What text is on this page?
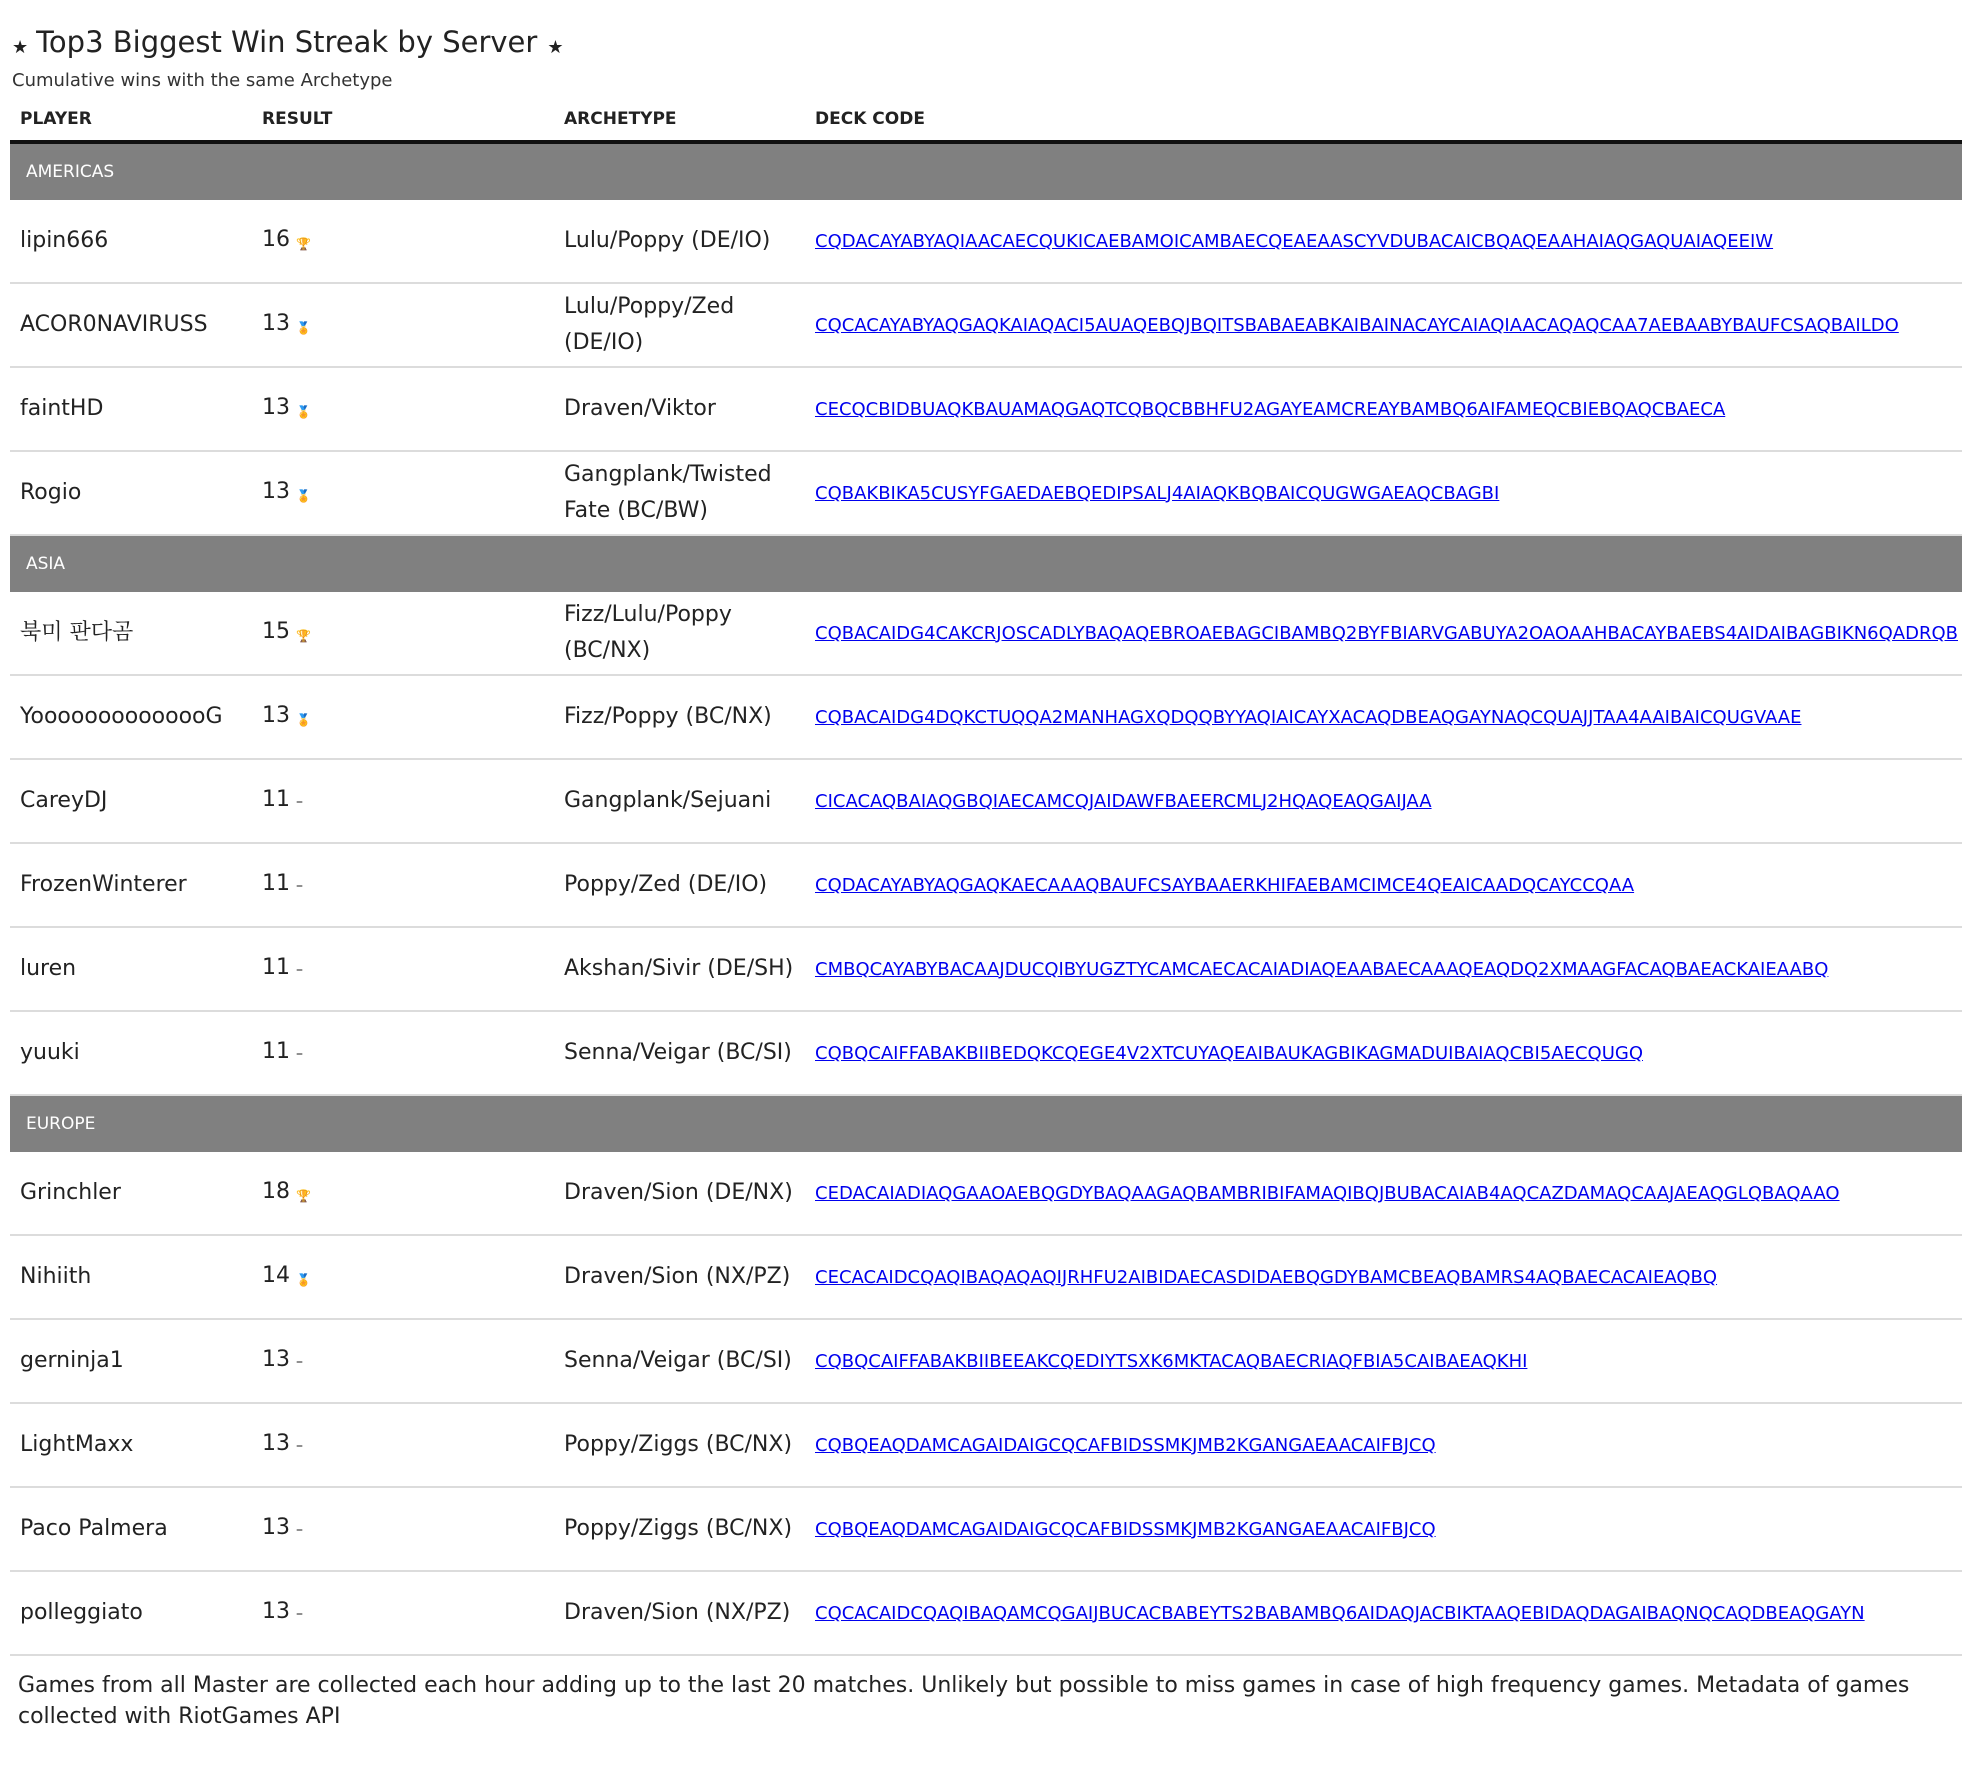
★ Top3 Biggest Win Streak by Server ★
Cumulative wins with the same Archetype
PLAYER	RESULT	ARCHETYPE	DECK CODE
AMERICAS			
lipin666	16 🏆	Lulu/Poppy (DE/IO)	CQDACAYABYAQIAACAECQUKICAEBAMOICAMBAECQEAEAASCYVDUBACAICBQAQEAAHAIAQGAQUAIAQEEIW
ACOR0NAVIRUSS	13 🏅	Lulu/Poppy/Zed (DE/IO)	CQCACAYABYAQGAQKAIAQACI5AUAQEBQJBQITSBABAEABKAIBAINACAYCAIAQIAACAQAQCAA7AEBAABYBAUFCSAQBAILDO
faintHD	13 🏅	Draven/Viktor	CECQCBIDBUAQKBAUAMAQGAQTCQBQCBBHFU2AGAYEAMCREAYBAMBQ6AIFAMEQCBIEBQAQCBAECA
Rogio	13 🏅	Gangplank/Twisted Fate (BC/BW)	CQBAKBIKA5CUSYFGAEDAEBQEDIPSALJ4AIAQKBQBAICQUGWGAEAQCBAGBI
ASIA			
북미 판다곰	15 🏆	Fizz/Lulu/Poppy (BC/NX)	CQBACAIDG4CAKCRJOSCADLYBAQAQEBROAEBAGCIBAMBQ2BYFBIARVGABUYA2OAOAAHBACAYBAEBS4AIDAIBAGBIKN6QADRQB
YoooooooooooooG	13 🏅	Fizz/Poppy (BC/NX)	CQBACAIDG4DQKCTUQQA2MANHAGXQDQQBYYAQIAICAYXACAQDBEAQGAYNAQCQUAJJTAA4AAIBAICQUGVAAE
CareyDJ	11 –	Gangplank/Sejuani	CICACAQBAIAQGBQIAECAMCQJAIDAWFBAEERCMLJ2HQAQEAQGAIJAA
FrozenWinterer	11 –	Poppy/Zed (DE/IO)	CQDACAYABYAQGAQKAECAAAQBAUFCSAYBAAERKHIFAEBAMCIMCE4QEAICAADQCAYCCQAA
luren	11 –	Akshan/Sivir (DE/SH)	CMBQCAYABYBACAAJDUCQIBYUGZTYCAMCAECACAIADIAQEAABAECAAAQEAQDQ2XMAAGFACAQBAEACKAIEAABQ
yuuki	11 –	Senna/Veigar (BC/SI)	CQBQCAIFFABAKBIIBEDQKCQEGE4V2XTCUYAQEAIBAUKAGBIKAGMADUIBAIAQCBI5AECQUGQ
EUROPE			
Grinchler	18 🏆	Draven/Sion (DE/NX)	CEDACAIADIAQGAAOAEBQGDYBAQAAGAQBAMBRIBIFAMAQIBQJBUBACAIAB4AQCAZDAMAQCAAJAEAQGLQBAQAAO
Nihiith	14 🏅	Draven/Sion (NX/PZ)	CECACAIDCQAQIBAQAQAQIJRHFU2AIBIDAECASDIDAEBQGDYBAMCBEAQBAMRS4AQBAECACAIEAQBQ
gerninja1	13 –	Senna/Veigar (BC/SI)	CQBQCAIFFABAKBIIBEEAKCQEDIYTSXK6MKTACAQBAECRIAQFBIA5CAIBAEAQKHI
LightMaxx	13 –	Poppy/Ziggs (BC/NX)	CQBQEAQDAMCAGAIDAIGCQCAFBIDSSMKJMB2KGANGAEAACAIFBJCQ
Paco Palmera	13 –	Poppy/Ziggs (BC/NX)	CQBQEAQDAMCAGAIDAIGCQCAFBIDSSMKJMB2KGANGAEAACAIFBJCQ
polleggiato	13 –	Draven/Sion (NX/PZ)	CQCACAIDCQAQIBAQAMCQGAIJBUCACBABEYTS2BABAMBQ6AIDAQJACBIKTAAQEBIDAQDAGAIBAQNQCAQDBEAQGAYN
Games from all Master are collected each hour adding up to the last 20 matches. Unlikely but possible to miss games in case of high frequency games. Metadata of games collected with RiotGames API
